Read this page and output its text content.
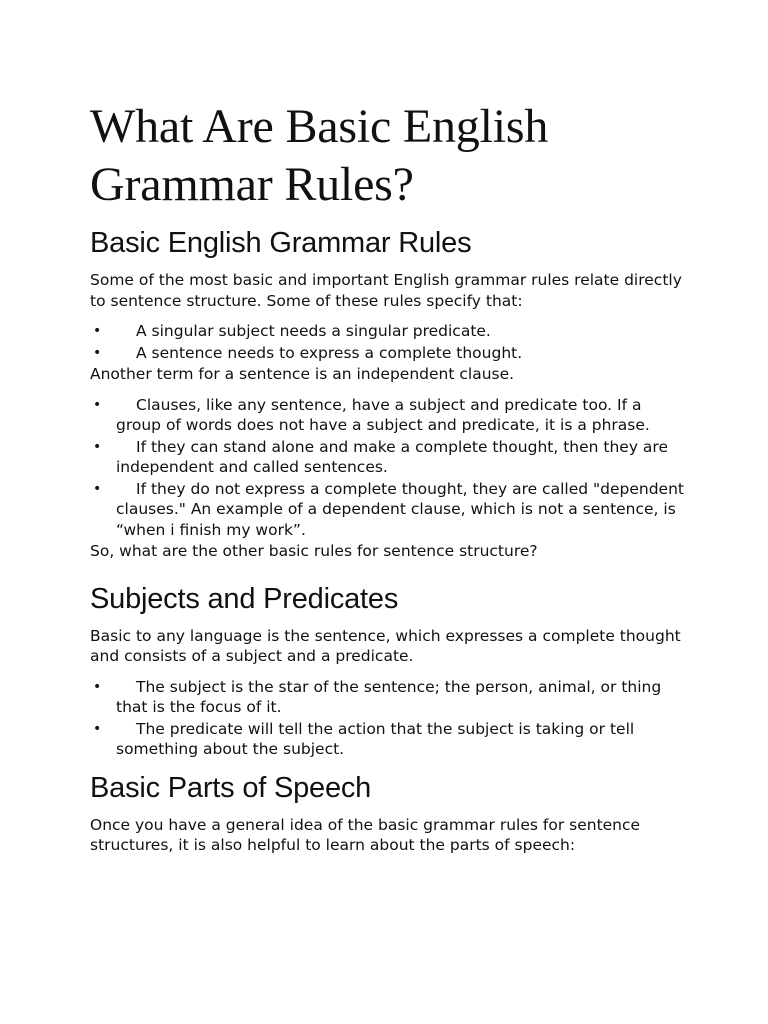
What Are Basic English Grammar Rules?
Basic English Grammar Rules

Some of the most basic and important English grammar rules relate directly to sentence structure. Some of these rules specify that:

•	A singular subject needs a singular predicate.
•	A sentence needs to express a complete thought.

Another term for a sentence is an independent clause.

•	Clauses, like any sentence, have a subject and predicate too. If a group of words does not have a subject and predicate, it is a phrase.
•	If they can stand alone and make a complete thought, then they are independent and called sentences.
•	If they do not express a complete thought, they are called "dependent clauses." An example of a dependent clause, which is not a sentence, is “when i finish my work”.

So, what are the other basic rules for sentence structure?

Subjects and Predicates

Basic to any language is the sentence, which expresses a complete thought and consists of a subject and a predicate.

•	The subject is the star of the sentence; the person, animal, or thing that is the focus of it.
•	The predicate will tell the action that the subject is taking or tell something about the subject.
Basic Parts of Speech

Once you have a general idea of the basic grammar rules for sentence structures, it is also helpful to learn about the parts of speech:
